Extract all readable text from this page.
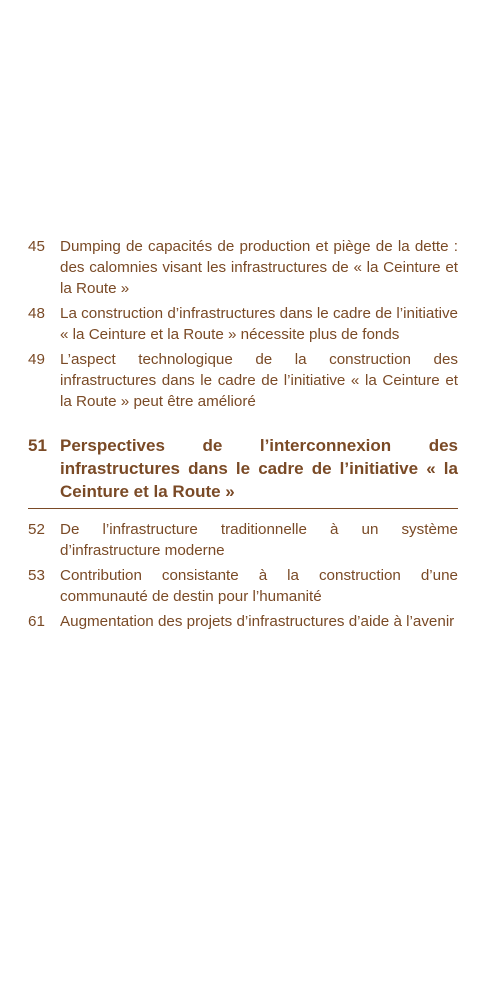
45 Dumping de capacités de production et piège de la dette : des calomnies visant les infrastructures de « la Ceinture et la Route »
48 La construction d’infrastructures dans le cadre de l’initiative « la Ceinture et la Route » nécessite plus de fonds
49 L’aspect technologique de la construction des infrastructures dans le cadre de l’initiative « la Ceinture et la Route » peut être amélioré
51 Perspectives de l’interconnexion des infrastructures dans le cadre de l’initiative « la Ceinture et la Route »
52 De l’infrastructure traditionnelle à un système d’infrastructure moderne
53 Contribution consistante à la construction d’une communauté de destin pour l’humanité
61 Augmentation des projets d’infrastructures d’aide à l’avenir
